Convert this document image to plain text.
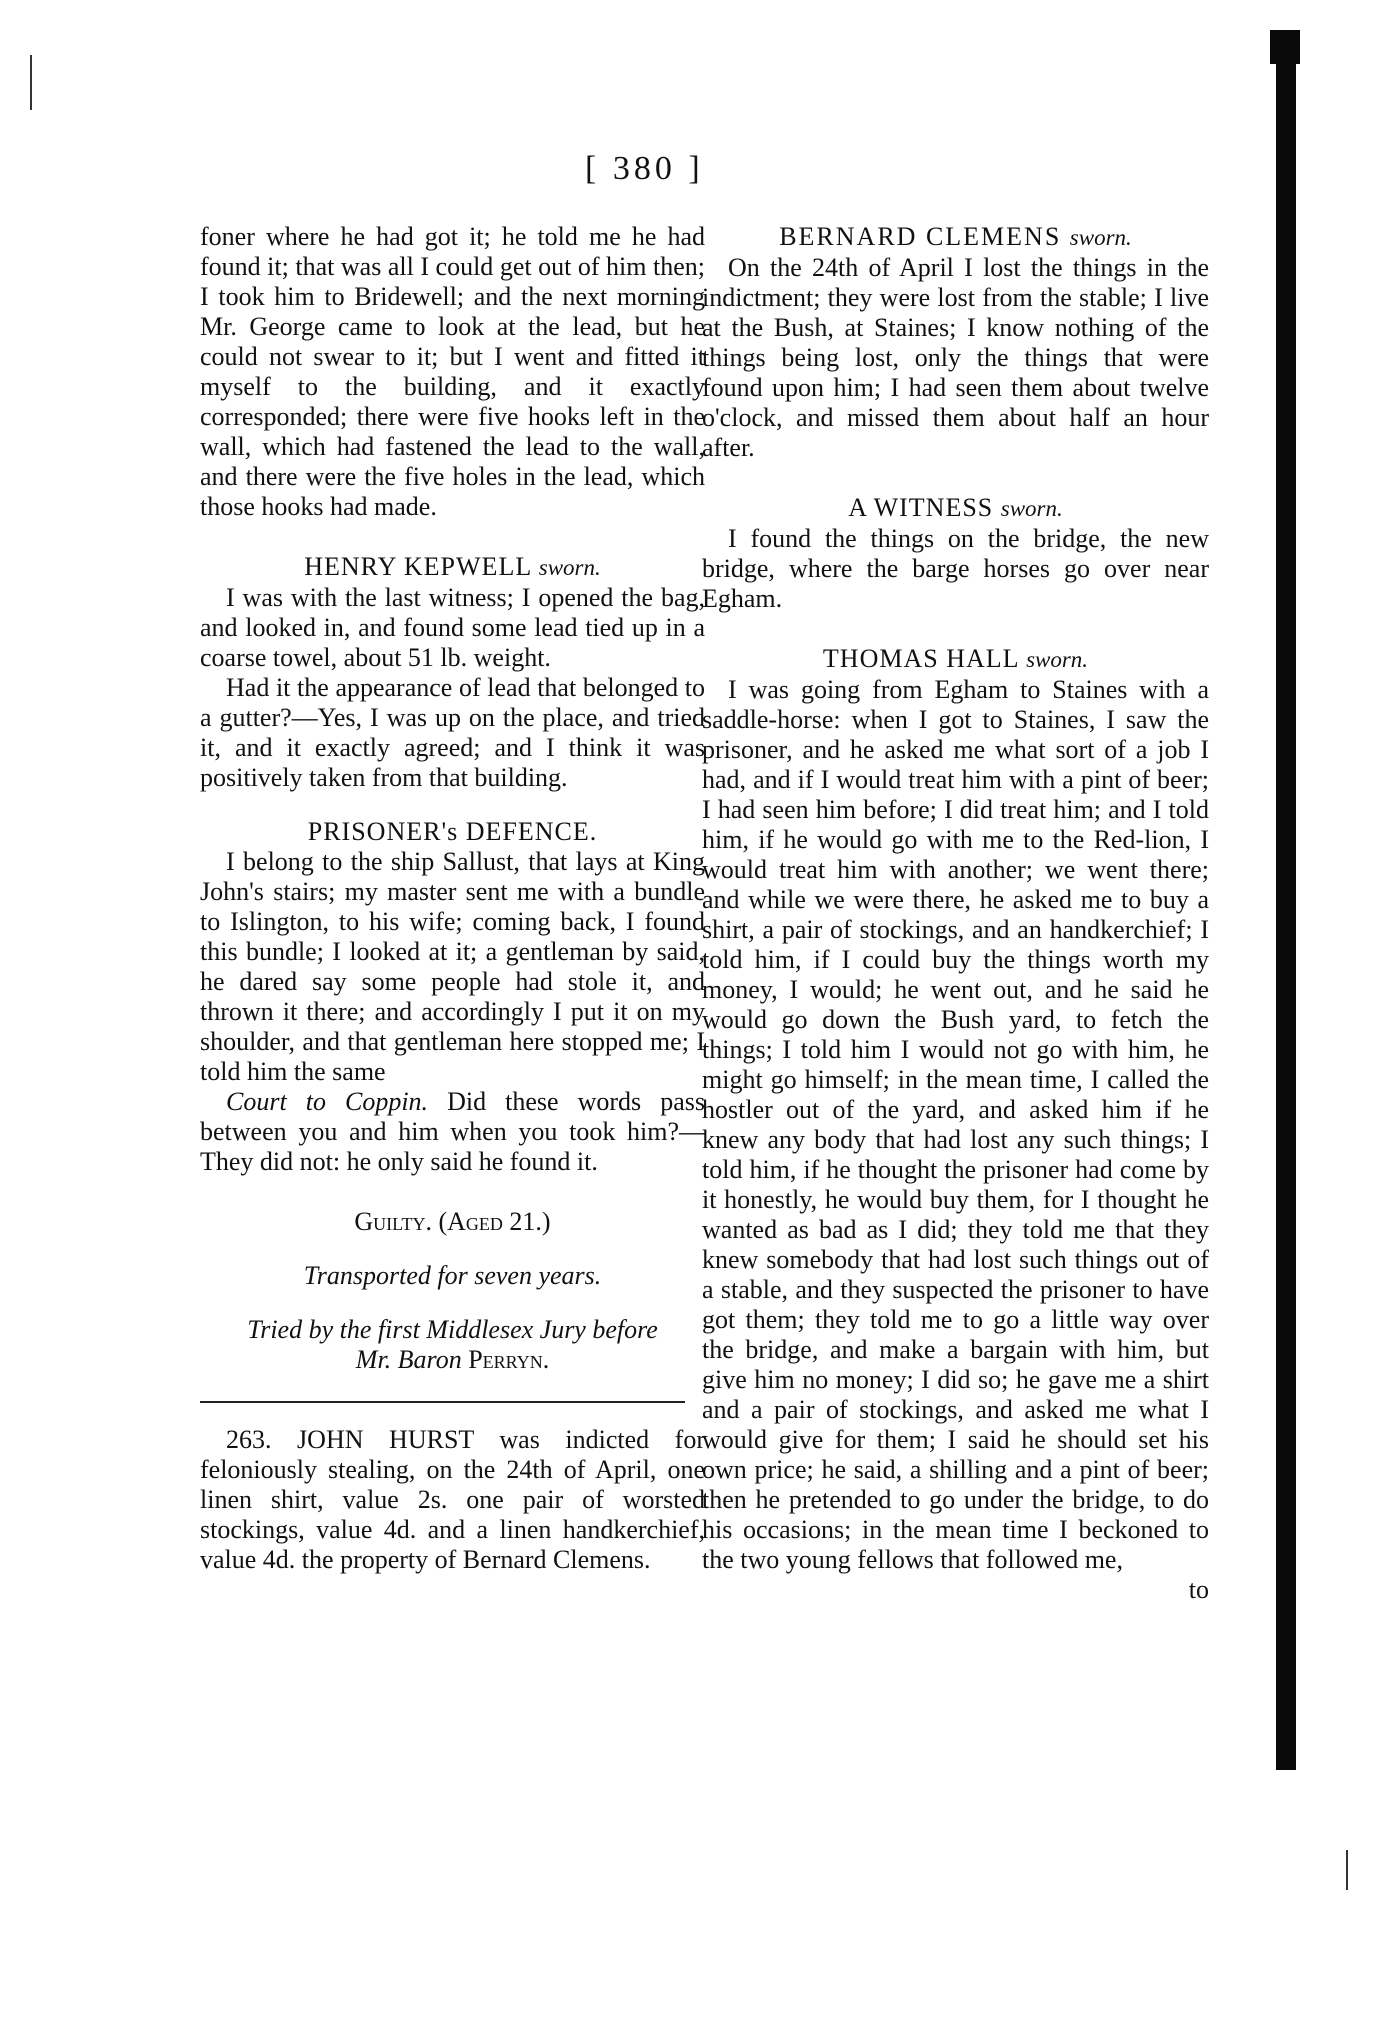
[ 380 ]

foner where he had got it; he told me he had found it; that was all I could get out of him then; I took him to Bridewell; and the next morning Mr. George came to look at the lead, but he could not swear to it; but I went and fitted it myself to the building, and it exactly corresponded; there were five hooks left in the wall, which had fastened the lead to the wall, and there were the five holes in the lead, which those hooks had made.

HENRY KEPWELL sworn.

I was with the last witness; I opened the bag, and looked in, and found some lead tied up in a coarse towel, about 51 lb. weight.

Had it the appearance of lead that belonged to a gutter?—Yes, I was up on the place, and tried it, and it exactly agreed; and I think it was positively taken from that building.

PRISONER's DEFENCE.

I belong to the ship Sallust, that lays at King John's stairs; my master sent me with a bundle to Islington, to his wife; coming back, I found this bundle; I looked at it; a gentleman by said, he dared say some people had stole it, and thrown it there; and accordingly I put it on my shoulder, and that gentleman here stopped me; I told him the same

Court to Coppin. Did these words pass between you and him when you took him?—They did not: he only said he found it.

Guilty. (Aged 21.)

Transported for seven years.

Tried by the first Middlesex Jury before

Mr. Baron Perryn.

263. JOHN HURST was indicted for feloniously stealing, on the 24th of April, one linen shirt, value 2s. one pair of worsted stockings, value 4d. and a linen handkerchief, value 4d. the property of Bernard Clemens.

BERNARD CLEMENS sworn.

On the 24th of April I lost the things in the indictment; they were lost from the stable; I live at the Bush, at Staines; I know nothing of the things being lost, only the things that were found upon him; I had seen them about twelve o'clock, and missed them about half an hour after.

A WITNESS sworn.

I found the things on the bridge, the new bridge, where the barge horses go over near Egham.

THOMAS HALL sworn.

I was going from Egham to Staines with a saddle-horse: when I got to Staines, I saw the prisoner, and he asked me what sort of a job I had, and if I would treat him with a pint of beer; I had seen him before; I did treat him; and I told him, if he would go with me to the Red-lion, I would treat him with another; we went there; and while we were there, he asked me to buy a shirt, a pair of stockings, and an handkerchief; I told him, if I could buy the things worth my money, I would; he went out, and he said he would go down the Bush yard, to fetch the things; I told him I would not go with him, he might go himself; in the mean time, I called the hostler out of the yard, and asked him if he knew any body that had lost any such things; I told him, if he thought the prisoner had come by it honestly, he would buy them, for I thought he wanted as bad as I did; they told me that they knew somebody that had lost such things out of a stable, and they suspected the prisoner to have got them; they told me to go a little way over the bridge, and make a bargain with him, but give him no money; I did so; he gave me a shirt and a pair of stockings, and asked me what I would give for them; I said he should set his own price; he said, a shilling and a pint of beer; then he pretended to go under the bridge, to do his occasions; in the mean time I beckoned to the two young fellows that followed me,

to
